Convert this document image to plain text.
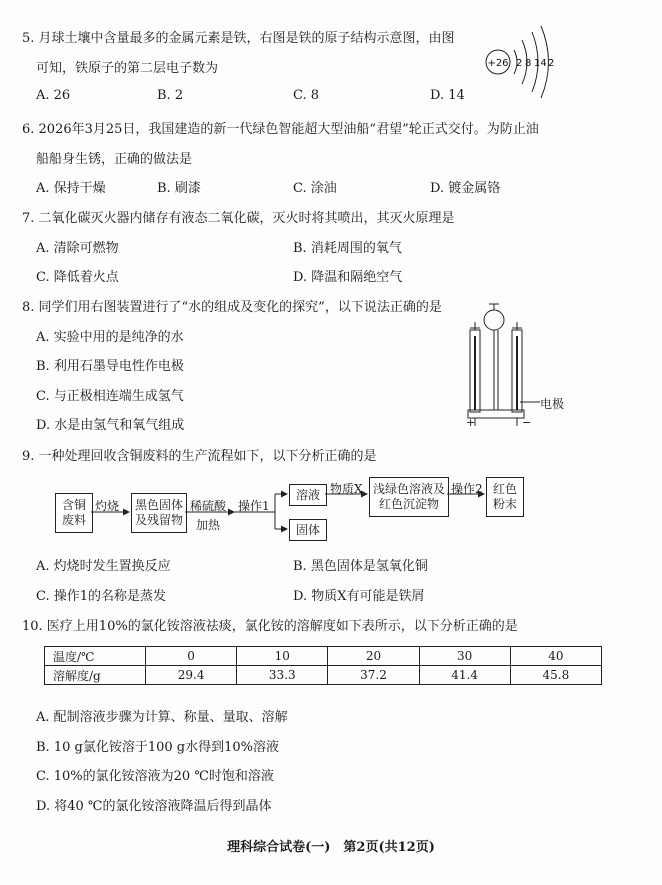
5. 月球土壤中含量最多的金属元素是铁，右图是铁的原子结构示意图，由图
可知，铁原子的第二层电子数为
A. 26	B. 2	C. 8	D. 14
+26 2 8 14 2
6. 2026年3月25日，我国建造的新一代绿色智能超大型油船“君望”轮正式交付。为防止油
船船身生锈，正确的做法是
A. 保持干燥	B. 刷漆	C. 涂油	D. 镀金属铬
7. 二氧化碳灭火器内储存有液态二氧化碳，灭火时将其喷出，其灭火原理是
A. 清除可燃物	B. 消耗周围的氧气
C. 降低着火点	D. 降温和隔绝空气
8. 同学们用右图装置进行了“水的组成及变化的探究”，以下说法正确的是
A. 实验中用的是纯净的水
B. 利用石墨导电性作电极
C. 与正极相连端生成氢气
D. 水是由氢气和氧气组成	+	−
电极
9. 一种处理回收含铜废料的生产流程如下，以下分析正确的是
含铜
废料
灼烧 黑色固体
及残留物
稀硫酸
加热
操作1
溶液
固体
物质X 浅绿色溶液及
红色沉淀物
操作2 红色
粉末
A. 灼烧时发生置换反应	B. 黑色固体是氢氧化铜
C. 操作1的名称是蒸发	D. 物质X有可能是铁屑
10. 医疗上用10%的氯化铵溶液祛痰，氯化铵的溶解度如下表所示，以下分析正确的是
温度/℃	0	10	20	30	40
溶解度/g	29.4	33.3	37.2	41.4	45.8
A. 配制溶液步骤为计算、称量、量取、溶解
B. 10 g氯化铵溶于100 g水得到10%溶液
C. 10%的氯化铵溶液为20 ℃时饱和溶液
D. 将40 ℃的氯化铵溶液降温后得到晶体
理科综合试卷(一)　第2页(共12页)
